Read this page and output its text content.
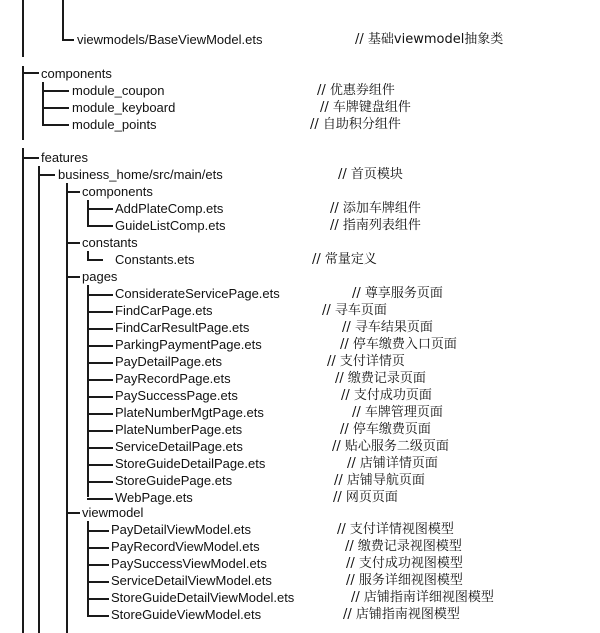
viewmodels/BaseViewModel.ets	// 基础viewmodel抽象类
components
module_coupon	// 优惠券组件
module_keyboard	// 车牌键盘组件
module_points	// 自助积分组件
features
business_home/src/main/ets	// 首页模块
components
AddPlateComp.ets	// 添加车牌组件
GuideListComp.ets	// 指南列表组件
constants
Constants.ets	// 常量定义
pages
ConsiderateServicePage.ets	// 尊享服务页面
FindCarPage.ets	// 寻车页面
FindCarResultPage.ets	// 寻车结果页面
ParkingPaymentPage.ets	// 停车缴费入口页面
PayDetailPage.ets	// 支付详情页
PayRecordPage.ets	// 缴费记录页面
PaySuccessPage.ets	// 支付成功页面
PlateNumberMgtPage.ets	// 车牌管理页面
PlateNumberPage.ets	// 停车缴费页面
ServiceDetailPage.ets	// 贴心服务二级页面
StoreGuideDetailPage.ets	// 店铺详情页面
StoreGuidePage.ets	// 店铺导航页面
WebPage.ets	// 网页页面
viewmodel
PayDetailViewModel.ets	// 支付详情视图模型
PayRecordViewModel.ets	// 缴费记录视图模型
PaySuccessViewModel.ets	// 支付成功视图模型
ServiceDetailViewModel.ets	// 服务详细视图模型
StoreGuideDetailViewModel.ets	// 店铺指南详细视图模型
StoreGuideViewModel.ets	// 店铺指南视图模型
